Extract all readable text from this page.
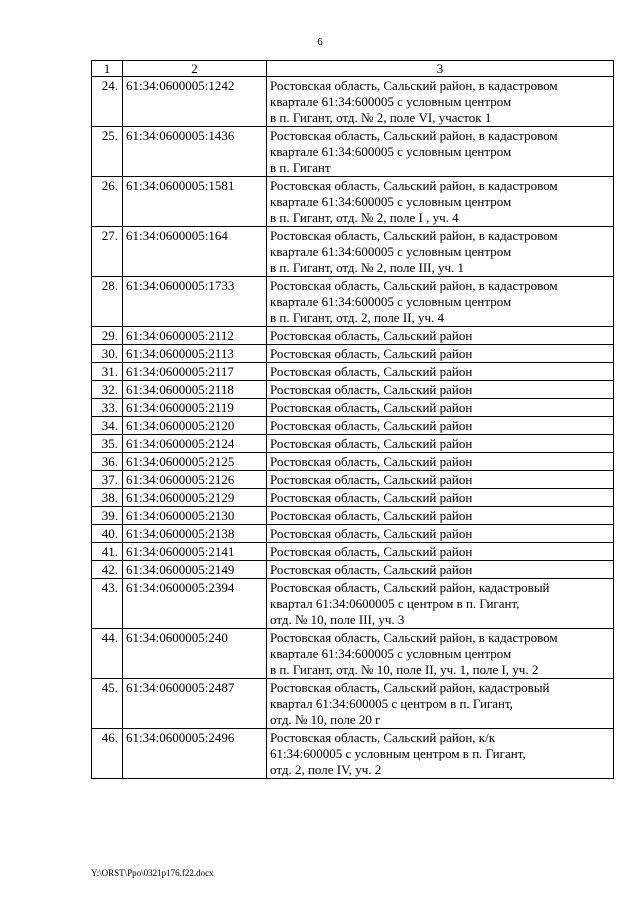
6
1	2	3
24.	61:34:0600005:1242	Ростовская область, Сальский район, в кадастровом
квартале 61:34:600005 с условным центром
в п. Гигант, отд. № 2, поле VI, участок 1

25.	61:34:0600005:1436	Ростовская область, Сальский район, в кадастровом
квартале 61:34:600005 с условным центром
в п. Гигант

26.	61:34:0600005:1581	Ростовская область, Сальский район, в кадастровом
квартале 61:34:600005 с условным центром
в п. Гигант, отд. № 2, поле I , уч. 4

27.	61:34:0600005:164	Ростовская область, Сальский район, в кадастровом
квартале 61:34:600005 с условным центром
в п. Гигант, отд. № 2, поле III, уч. 1

28.	61:34:0600005:1733	Ростовская область, Сальский район, в кадастровом
квартале 61:34:600005 с условным центром
в п. Гигант, отд. 2, поле II, уч. 4

29.	61:34:0600005:2112	Ростовская область, Сальский район

30.	61:34:0600005:2113	Ростовская область, Сальский район

31.	61:34:0600005:2117	Ростовская область, Сальский район

32.	61:34:0600005:2118	Ростовская область, Сальский район

33.	61:34:0600005:2119	Ростовская область, Сальский район

34.	61:34:0600005:2120	Ростовская область, Сальский район

35.	61:34:0600005:2124	Ростовская область, Сальский район

36.	61:34:0600005:2125	Ростовская область, Сальский район

37.	61:34:0600005:2126	Ростовская область, Сальский район

38.	61:34:0600005:2129	Ростовская область, Сальский район

39.	61:34:0600005:2130	Ростовская область, Сальский район

40.	61:34:0600005:2138	Ростовская область, Сальский район

41.	61:34:0600005:2141	Ростовская область, Сальский район

42.	61:34:0600005:2149	Ростовская область, Сальский район

43.	61:34:0600005:2394	Ростовская область, Сальский район, кадастровый
квартал 61:34:0600005 с центром в п. Гигант,
отд. № 10, поле III, уч. 3

44.	61:34:0600005:240	Ростовская область, Сальский район, в кадастровом
квартале 61:34:600005 с условным центром
в п. Гигант, отд. № 10, поле II, уч. 1, поле I, уч. 2

45.	61:34:0600005:2487	Ростовская область, Сальский район, кадастровый
квартал 61:34:600005 с центром в п. Гигант,
отд. № 10, поле 20 г

46.	61:34:0600005:2496	Ростовская область, Сальский район, к/к
61:34:600005 с условным центром в п. Гигант,
отд. 2, поле IV, уч. 2
Y:\ORST\Ppo\0321p176.f22.docx
